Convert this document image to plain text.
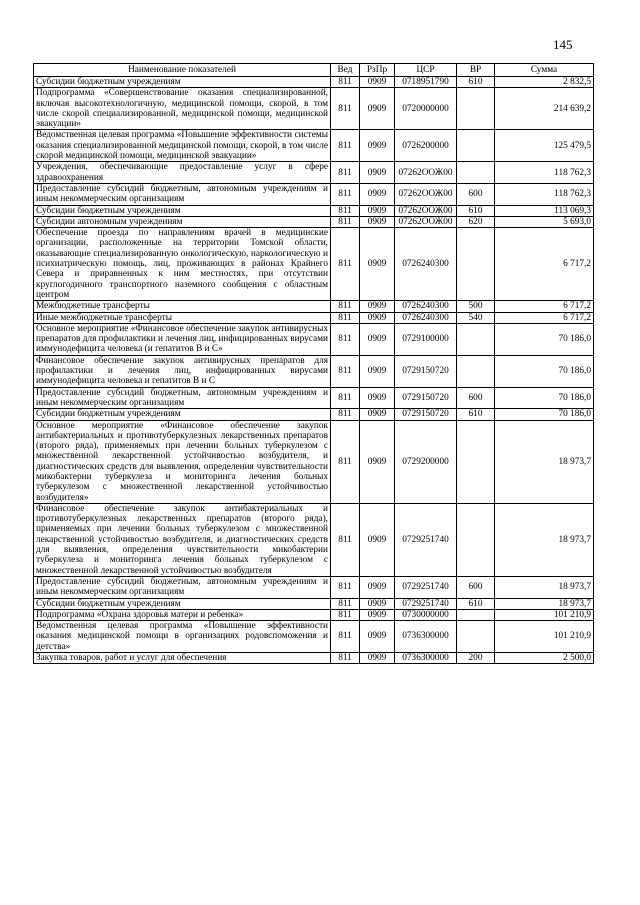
145
Наименование показателей	Вед	РзПр	ЦСР	ВР	Сумма
Субсидии бюджетным учреждениям	811	0909	0718951790	610	2 832,5
Подпрограмма «Совершенствование оказания специализированной, включая высокотехнологичную, медицинской помощи, скорой, в том числе скорой специализированной, медицинской помощи, медицинской эвакуации»	811	0909	0720000000		214 639,2
Ведомственная целевая программа «Повышение эффективности системы оказания специализированной медицинской помощи, скорой, в том числе скорой медицинской помощи, медицинской эвакуации»	811	0909	0726200000		125 479,5
Учреждения, обеспечивающие предоставление услуг в сфере здравоохранения	811	0909	07262ООЖ00		118 762,3
Предоставление субсидий бюджетным, автономным учреждениям и иным некоммерческим организациям	811	0909	07262ООЖ00	600	118 762,3
Субсидии бюджетным учреждениям	811	0909	07262ООЖ00	610	113 069,3
Субсидии автономным учреждениям	811	0909	07262ООЖ00	620	5 693,0
Обеспечение проезда по направлениям врачей в медицинские организации, расположенные на территории Томской области, оказывающие специализированную онкологическую, наркологическую и психиатрическую помощь, лиц, проживающих в районах Крайнего Севера и приравненных к ним местностях, при отсутствии круглогодичного транспортного наземного сообщения с областным центром	811	0909	0726240300		6 717,2
Межбюджетные трансферты	811	0909	0726240300	500	6 717,2
Иные межбюджетные трансферты	811	0909	0726240300	540	6 717,2
Основное мероприятие «Финансовое обеспечение закупок антивирусных препаратов для профилактики и лечения лиц, инфицированных вирусами иммунодефицита человека (и гепатитов В и С»	811	0909	0729100000		70 186,0
Финансовое обеспечение закупок антивирусных препаратов для профилактики и лечения лиц, инфицированных вирусами иммунодефицита человека и гепатитов В и С	811	0909	0729150720		70 186,0
Предоставление субсидий бюджетным, автономным учреждениям и иным некоммерческим организациям	811	0909	0729150720	600	70 186,0
Субсидии бюджетным учреждениям	811	0909	0729150720	610	70 186,0
Основное мероприятие «Финансовое обеспечение закупок антибактериальных и противотуберкулезных лекарственных препаратов (второго ряда), применяемых при лечении больных туберкулезом с множественной лекарственной устойчивостью возбудителя, и диагностических средств для выявления, определения чувствительности микобактерии туберкулеза и мониторинга лечения больных туберкулезом с множественной лекарственной устойчивостью возбудителя»	811	0909	0729200000		18 973,7
Финансовое обеспечение закупок антибактериальных и противотуберкулезных лекарственных препаратов (второго ряда), применяемых при лечении больных туберкулезом с множественной лекарственной устойчивостью возбудителя, и диагностических средств для выявления, определения чувствительности микобактерии туберкулеза и мониторинга лечения больных туберкулезом с множественной лекарственной устойчивостью возбудителя	811	0909	0729251740		18 973,7
Предоставление субсидий бюджетным, автономным учреждениям и иным некоммерческим организациям	811	0909	0729251740	600	18 973,7
Субсидии бюджетным учреждениям	811	0909	0729251740	610	18 973,7
Подпрограмма «Охрана здоровья матери и ребенка»	811	0909	0730000000		101 210,9
Ведомственная целевая программа «Повышение эффективности оказания медицинской помощи в организациях родовспоможения и детства»	811	0909	0736300000		101 210,9
Закупка товаров, работ и услуг для обеспечения	811	0909	0736300000	200	2 500,0
